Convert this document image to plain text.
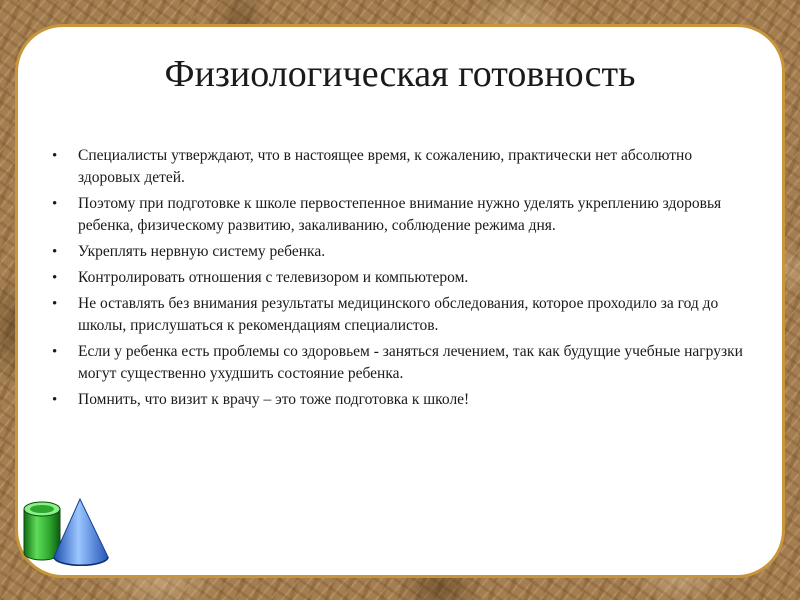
Физиологическая готовность
• Специалисты утверждают, что в настоящее время, к сожалению, практически нет абсолютно здоровых детей.
• Поэтому при подготовке к школе первостепенное внимание нужно уделять укреплению здоровья ребенка, физическому развитию, закаливанию, соблюдение режима дня.
• Укреплять нервную систему ребенка.
• Контролировать отношения с телевизором и компьютером.
• Не оставлять без внимания результаты медицинского обследования, которое проходило за год до школы, прислушаться к рекомендациям специалистов.
• Если у ребенка есть проблемы со здоровьем - заняться лечением, так как будущие учебные нагрузки могут существенно ухудшить состояние ребенка.
• Помнить, что визит к врачу – это тоже подготовка к школе!
